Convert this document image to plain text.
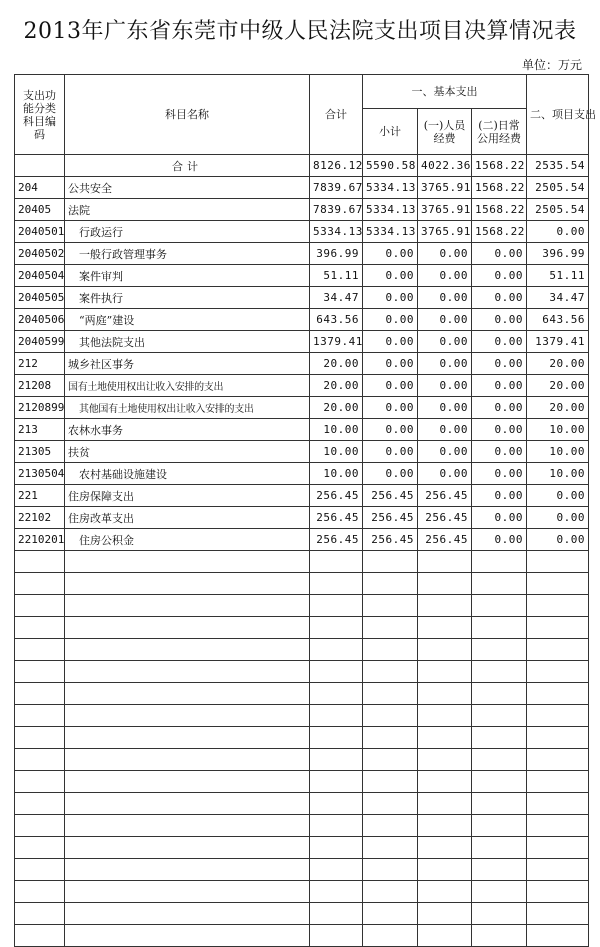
2013年广东省东莞市中级人民法院支出项目决算情况表
单位：万元
支出功能分类科目编码	科目名称	合计	一、基本支出			二、项目支出
			小计	(一)人员经费	(二)日常公用经费	
	合计	8126.12	5590.58	4022.36	1568.22	2535.54
204	公共安全	7839.67	5334.13	3765.91	1568.22	2505.54
20405	法院	7839.67	5334.13	3765.91	1568.22	2505.54
2040501	行政运行	5334.13	5334.13	3765.91	1568.22	0.00
2040502	一般行政管理事务	396.99	0.00	0.00	0.00	396.99
2040504	案件审判	51.11	0.00	0.00	0.00	51.11
2040505	案件执行	34.47	0.00	0.00	0.00	34.47
2040506	“两庭”建设	643.56	0.00	0.00	0.00	643.56
2040599	其他法院支出	1379.41	0.00	0.00	0.00	1379.41
212	城乡社区事务	20.00	0.00	0.00	0.00	20.00
21208	国有土地使用权出让收入安排的支出	20.00	0.00	0.00	0.00	20.00
2120899	其他国有土地使用权出让收入安排的支出	20.00	0.00	0.00	0.00	20.00
213	农林水事务	10.00	0.00	0.00	0.00	10.00
21305	扶贫	10.00	0.00	0.00	0.00	10.00
2130504	农村基础设施建设	10.00	0.00	0.00	0.00	10.00
221	住房保障支出	256.45	256.45	256.45	0.00	0.00
22102	住房改革支出	256.45	256.45	256.45	0.00	0.00
2210201	住房公积金	256.45	256.45	256.45	0.00	0.00
